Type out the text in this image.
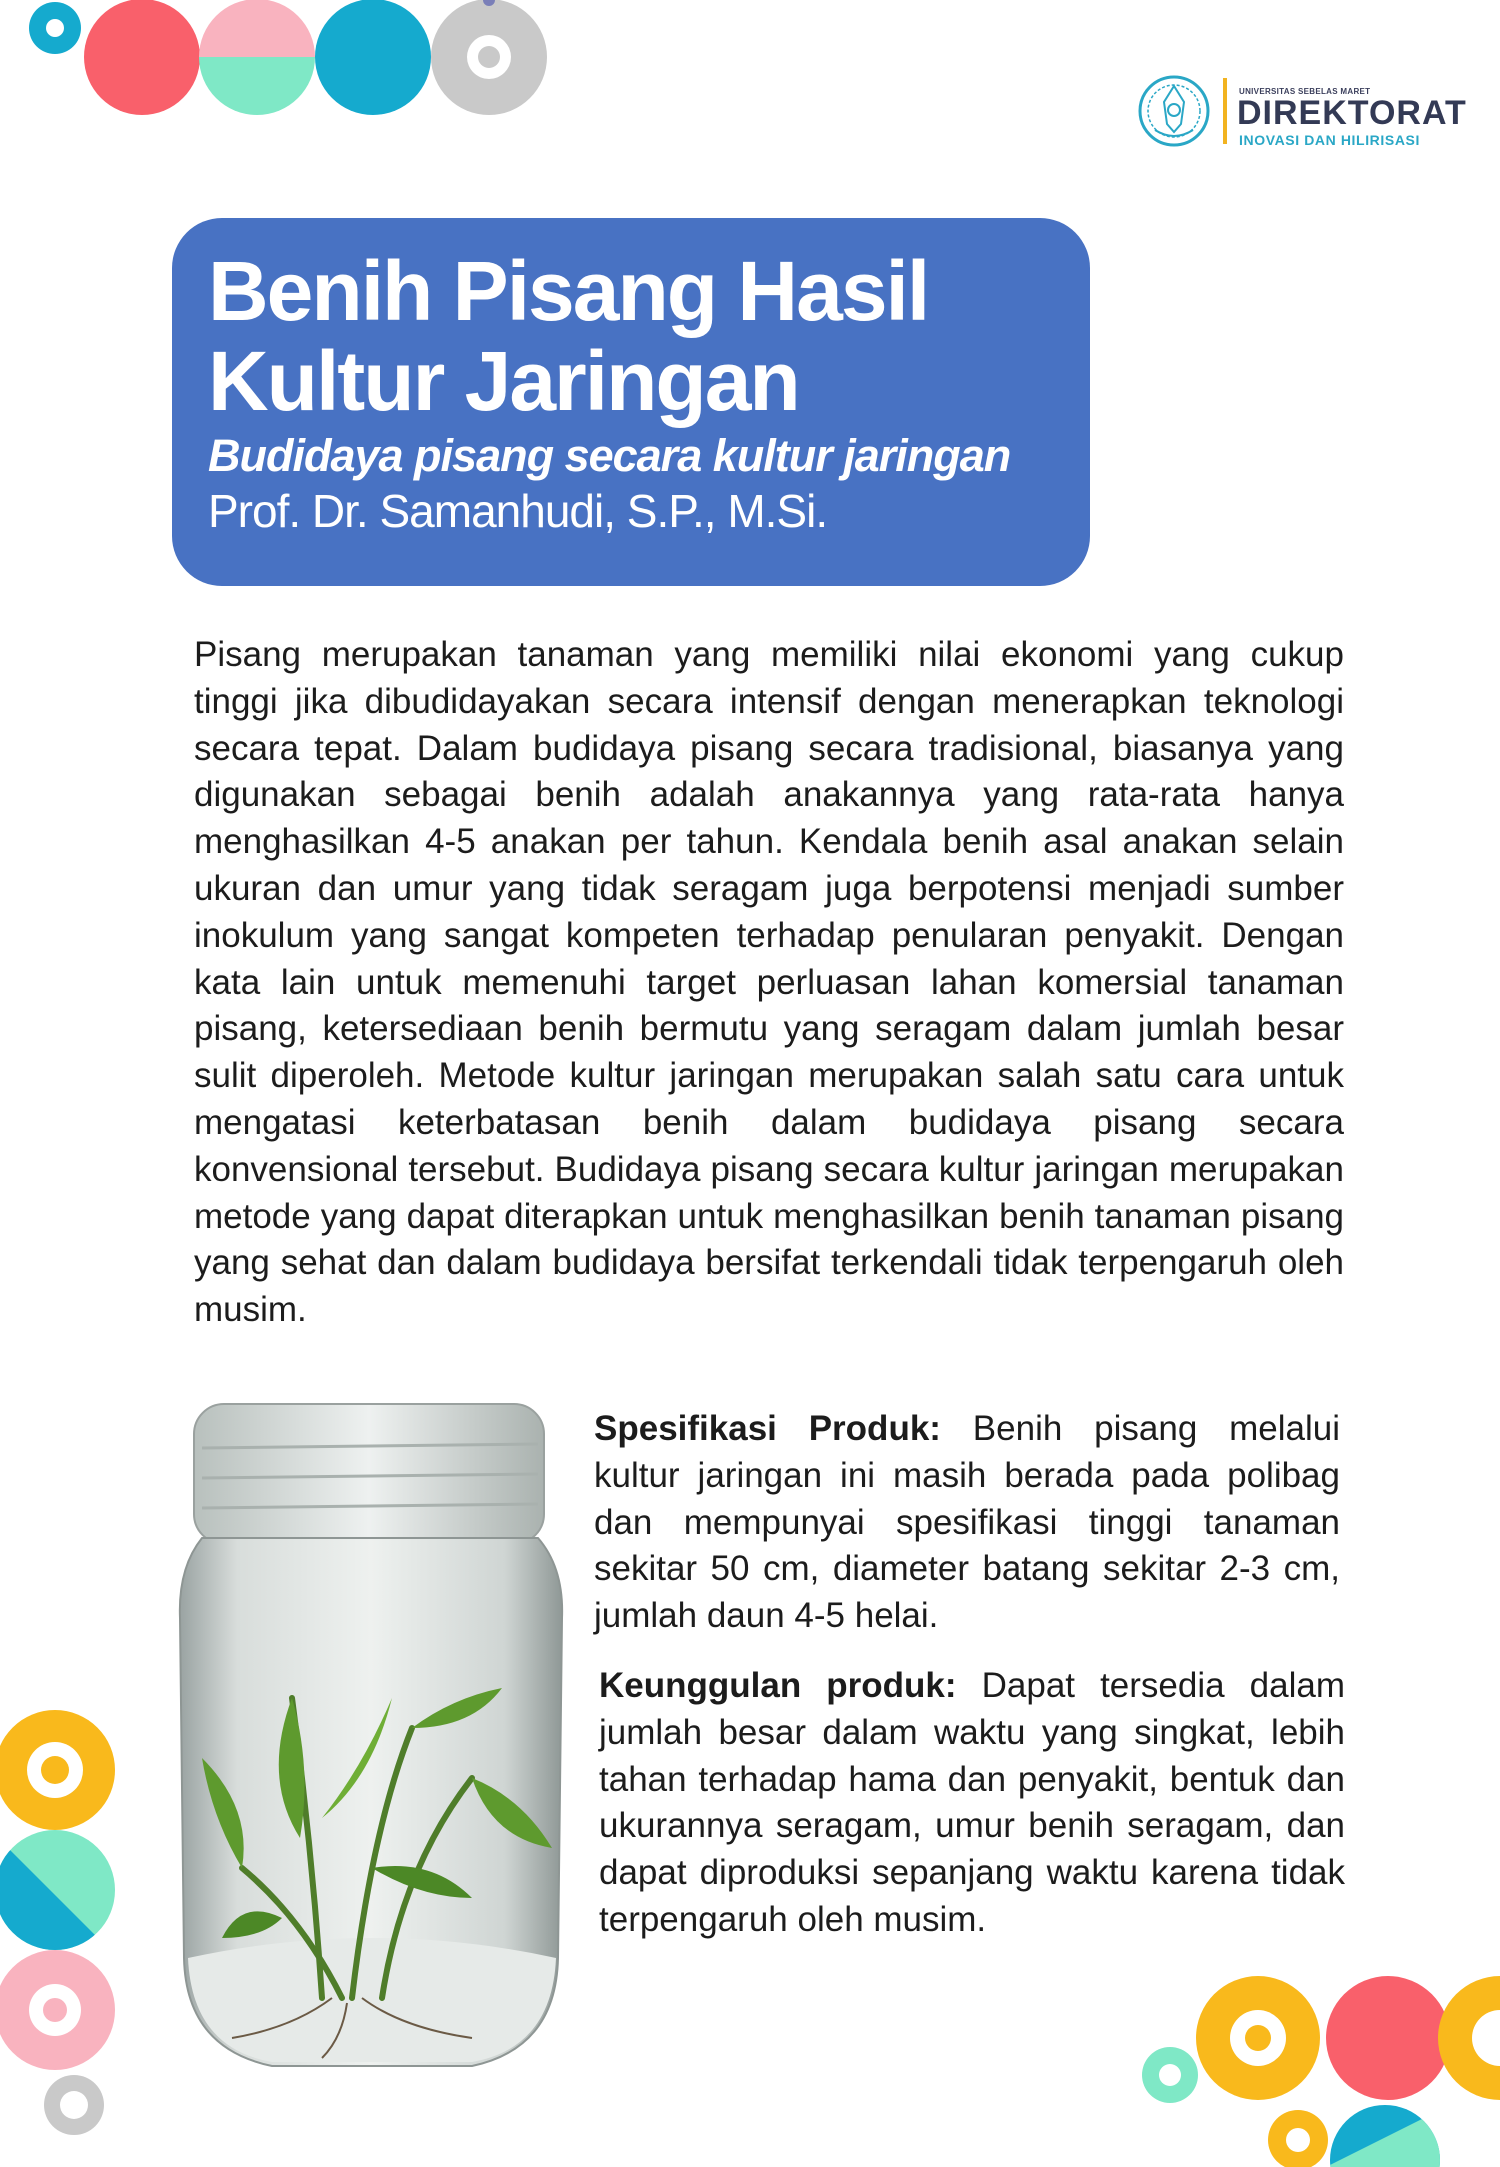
UNIVERSITAS SEBELAS MARET
DIREKTORAT
INOVASI DAN HILIRISASI
Benih Pisang Hasil Kultur Jaringan
Budidaya pisang secara kultur jaringan
Prof. Dr. Samanhudi, S.P., M.Si.

Pisang merupakan tanaman yang memiliki nilai ekonomi yang cukup tinggi jika dibudidayakan secara intensif dengan menerapkan teknologi secara tepat. Dalam budidaya pisang secara tradisional, biasanya yang digunakan sebagai benih adalah anakannya yang rata-rata hanya menghasilkan 4-5 anakan per tahun. Kendala benih asal anakan selain ukuran dan umur yang tidak seragam juga berpotensi menjadi sumber inokulum yang sangat kompeten terhadap penularan penyakit. Dengan kata lain untuk memenuhi target perluasan lahan komersial tanaman pisang, ketersediaan benih bermutu yang seragam dalam jumlah besar sulit diperoleh. Metode kultur jaringan merupakan salah satu cara untuk mengatasi keterbatasan benih dalam budidaya pisang secara konvensional tersebut. Budidaya pisang secara kultur jaringan merupakan metode yang dapat diterapkan untuk menghasilkan benih tanaman pisang yang sehat dan dalam budidaya bersifat terkendali tidak terpengaruh oleh musim.

Spesifikasi Produk: Benih pisang melalui kultur jaringan ini masih berada pada polibag dan mempunyai spesifikasi tinggi tanaman sekitar 50 cm, diameter batang sekitar 2-3 cm, jumlah daun 4-5 helai.

Keunggulan produk: Dapat tersedia dalam jumlah besar dalam waktu yang singkat, lebih tahan terhadap hama dan penyakit, bentuk dan ukurannya seragam, umur benih seragam, dan dapat diproduksi sepanjang waktu karena tidak terpengaruh oleh musim.
